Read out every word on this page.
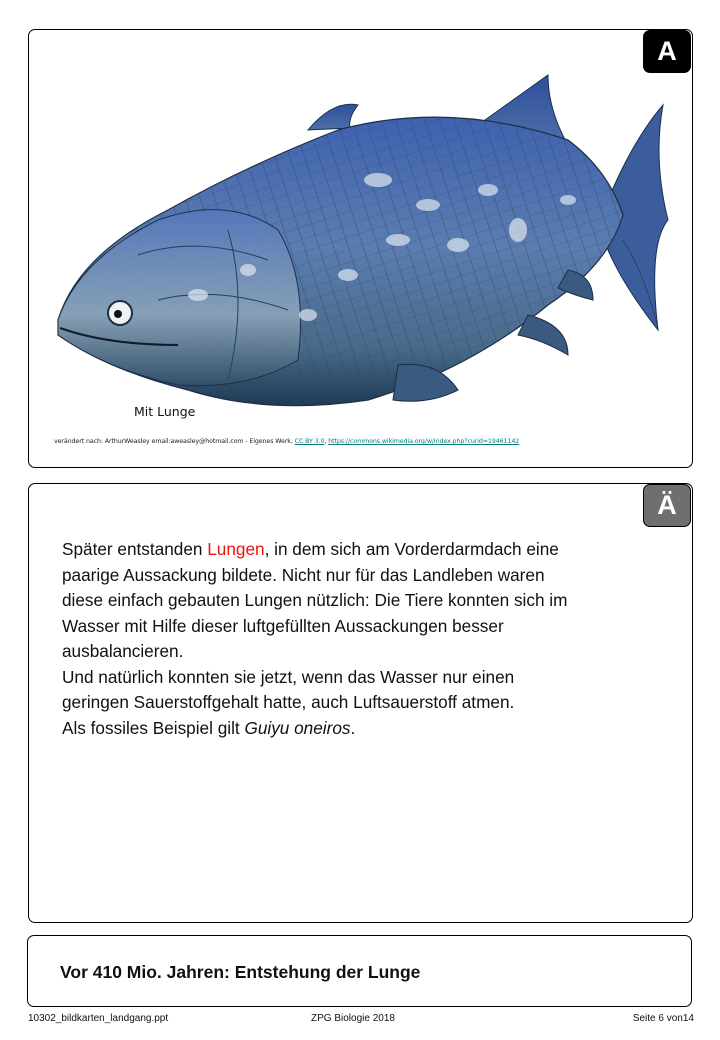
A
Mit Lunge
verändert nach: ArthurWeasley email:aweasley@hotmail.com - Eigenes Werk, CC BY 3.0, https://commons.wikimedia.org/w/index.php?curid=19461142
Ä

Später entstanden Lungen, in dem sich am Vorderdarmdach eine

paarige Aussackung bildete. Nicht nur für das Landleben waren

diese einfach gebauten Lungen nützlich: Die Tiere konnten sich im

Wasser mit Hilfe dieser luftgefüllten Aussackungen besser

ausbalancieren.

Und natürlich konnten sie jetzt, wenn das Wasser nur einen

geringen Sauerstoffgehalt hatte, auch Luftsauerstoff atmen.

Als fossiles Beispiel gilt Guiyu oneiros.

Vor 410 Mio. Jahren: Entstehung der Lunge
10302_bildkarten_landgang.ppt	ZPG Biologie 2018	Seite 6 von14
